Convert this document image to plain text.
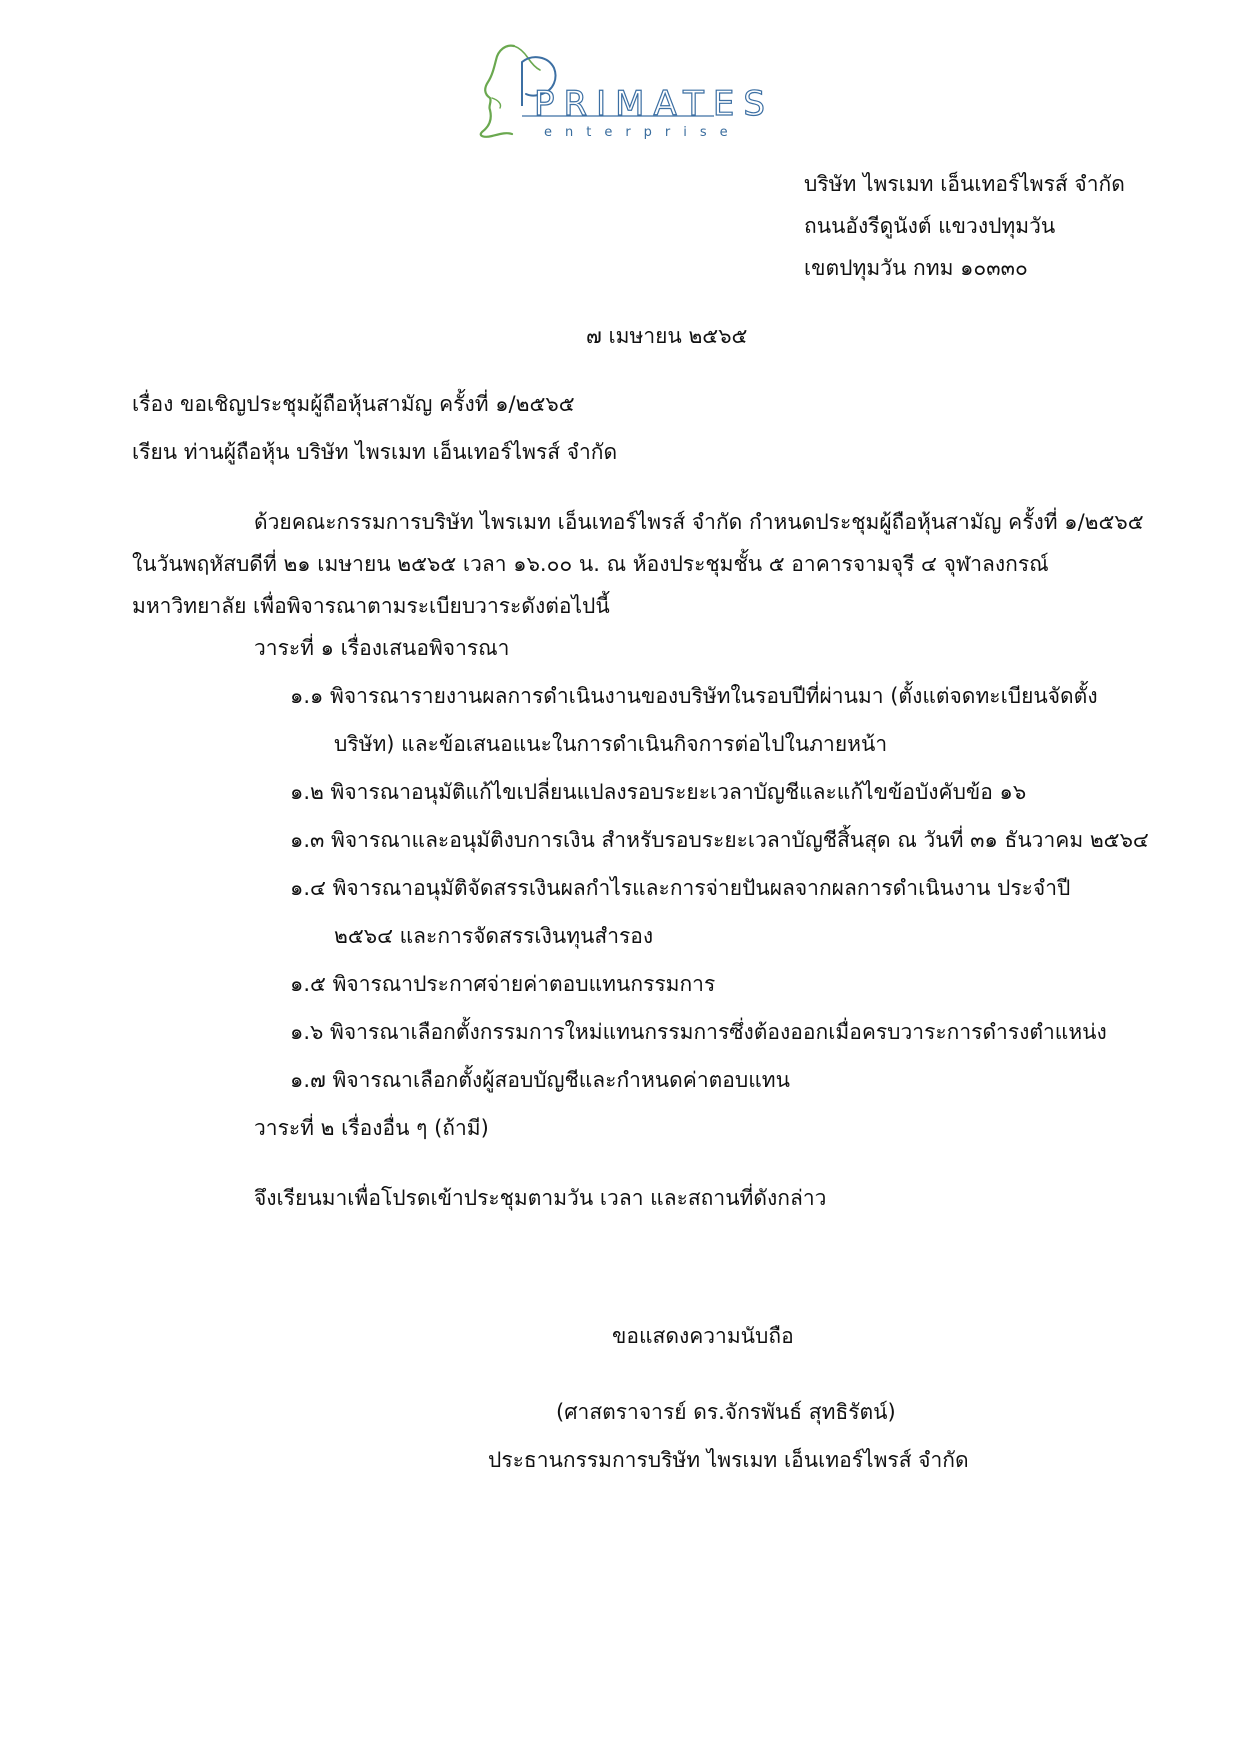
PRIMATES
enterprise

บริษัท ไพรเมท เอ็นเทอร์ไพรส์ จำกัด

ถนนอังรีดูนังต์ แขวงปทุมวัน

เขตปทุมวัน กทม ๑๐๓๓๐

๗ เมษายน ๒๕๖๕

เรื่อง ขอเชิญประชุมผู้ถือหุ้นสามัญ ครั้งที่ ๑/๒๕๖๕

เรียน ท่านผู้ถือหุ้น บริษัท ไพรเมท เอ็นเทอร์ไพรส์ จำกัด

ด้วยคณะกรรมการบริษัท ไพรเมท เอ็นเทอร์ไพรส์ จำกัด กำหนดประชุมผู้ถือหุ้นสามัญ ครั้งที่ ๑/๒๕๖๕

ในวันพฤหัสบดีที่ ๒๑ เมษายน ๒๕๖๕ เวลา ๑๖.๐๐ น. ณ ห้องประชุมชั้น ๕ อาคารจามจุรี ๔ จุฬาลงกรณ์

มหาวิทยาลัย เพื่อพิจารณาตามระเบียบวาระดังต่อไปนี้

วาระที่ ๑ เรื่องเสนอพิจารณา

๑.๑ พิจารณารายงานผลการดำเนินงานของบริษัทในรอบปีที่ผ่านมา (ตั้งแต่จดทะเบียนจัดตั้ง

บริษัท) และข้อเสนอแนะในการดำเนินกิจการต่อไปในภายหน้า

๑.๒ พิจารณาอนุมัติแก้ไขเปลี่ยนแปลงรอบระยะเวลาบัญชีและแก้ไขข้อบังคับข้อ ๑๖

๑.๓ พิจารณาและอนุมัติงบการเงิน สำหรับรอบระยะเวลาบัญชีสิ้นสุด ณ วันที่ ๓๑ ธันวาคม ๒๕๖๔

๑.๔ พิจารณาอนุมัติจัดสรรเงินผลกำไรและการจ่ายปันผลจากผลการดำเนินงาน ประจำปี

๒๕๖๔ และการจัดสรรเงินทุนสำรอง

๑.๕ พิจารณาประกาศจ่ายค่าตอบแทนกรรมการ

๑.๖ พิจารณาเลือกตั้งกรรมการใหม่แทนกรรมการซึ่งต้องออกเมื่อครบวาระการดำรงตำแหน่ง

๑.๗ พิจารณาเลือกตั้งผู้สอบบัญชีและกำหนดค่าตอบแทน

วาระที่ ๒ เรื่องอื่น ๆ (ถ้ามี)

จึงเรียนมาเพื่อโปรดเข้าประชุมตามวัน เวลา และสถานที่ดังกล่าว

ขอแสดงความนับถือ

(ศาสตราจารย์ ดร.จักรพันธ์ สุทธิรัตน์)

ประธานกรรมการบริษัท ไพรเมท เอ็นเทอร์ไพรส์ จำกัด
